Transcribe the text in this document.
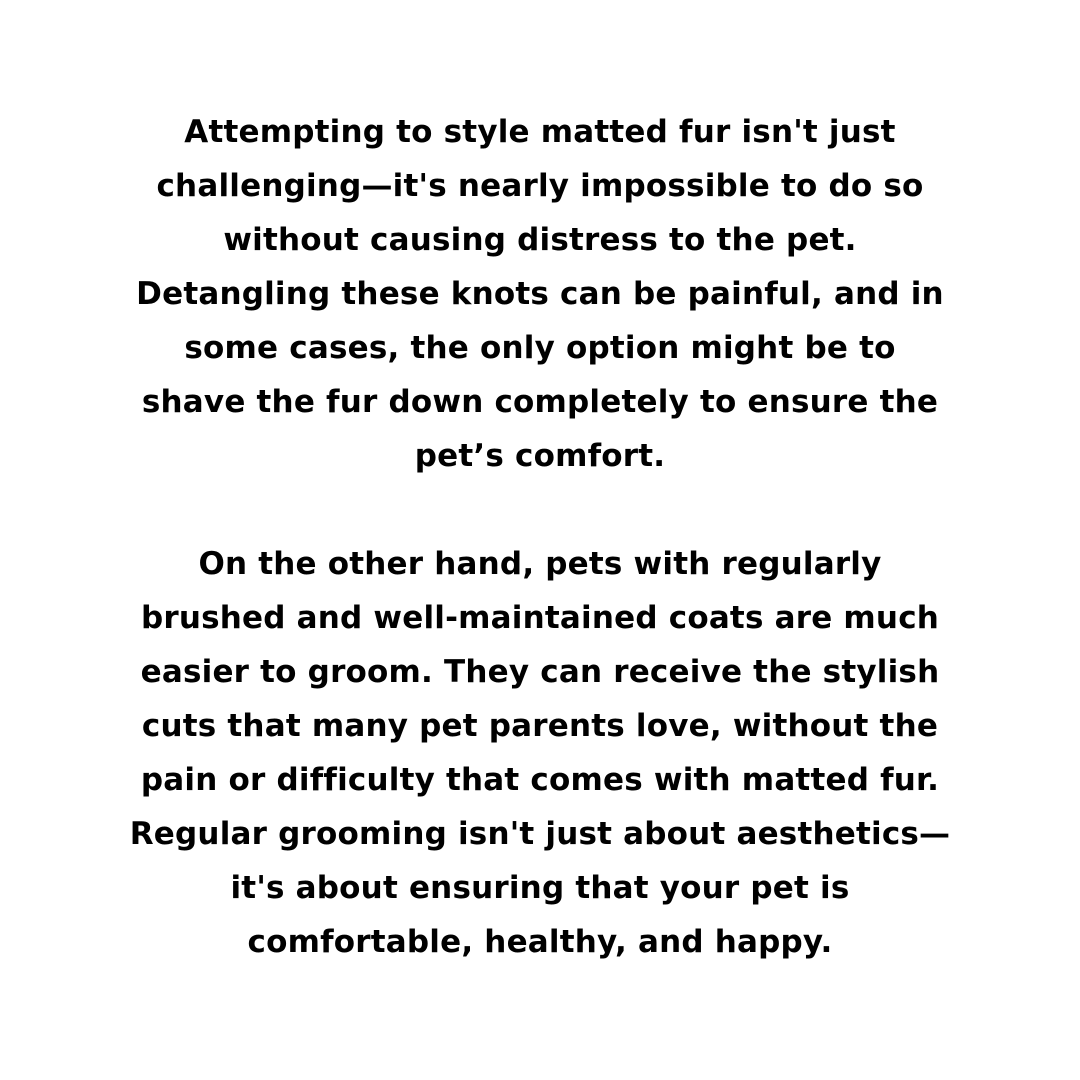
Attempting to style matted fur isn't just
challenging—it's nearly impossible to do so
without causing distress to the pet.
Detangling these knots can be painful, and in
some cases, the only option might be to
shave the fur down completely to ensure the
pet’s comfort.
On the other hand, pets with regularly
brushed and well-maintained coats are much
easier to groom. They can receive the stylish
cuts that many pet parents love, without the
pain or difficulty that comes with matted fur.
Regular grooming isn't just about aesthetics—
it's about ensuring that your pet is
comfortable, healthy, and happy.
